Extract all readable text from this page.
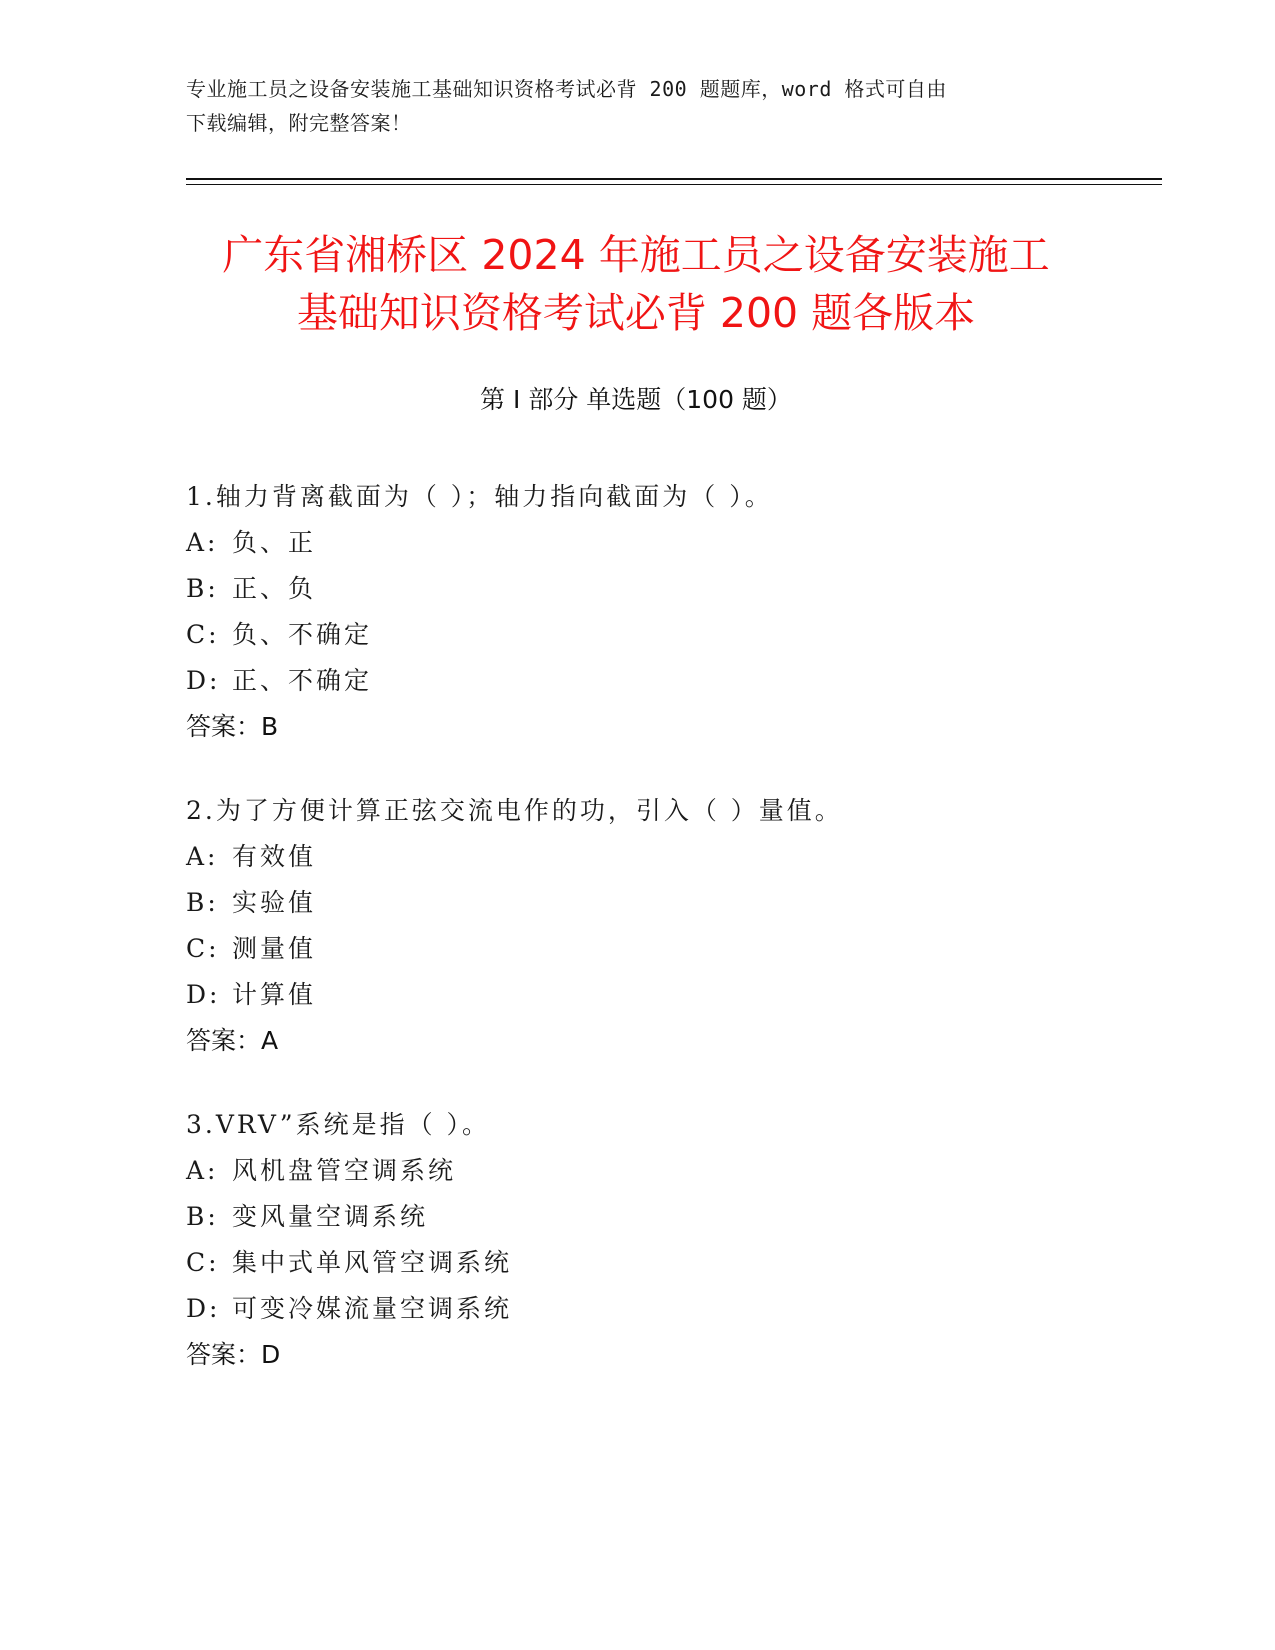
专业施工员之设备安装施工基础知识资格考试必背 200 题题库，word 格式可自由
下载编辑，附完整答案！
广东省湘桥区 2024 年施工员之设备安装施工
基础知识资格考试必背 200 题各版本
第 I 部分 单选题（100 题）
1.轴力背离截面为（ ）；轴力指向截面为（ ）。
A: 负、正
B: 正、负
C: 负、不确定
D: 正、不确定
答案：B
2.为了方便计算正弦交流电作的功，引入（ ）量值。
A: 有效值
B: 实验值
C: 测量值
D: 计算值
答案：A
3.VRV”系统是指（ ）。
A: 风机盘管空调系统
B: 变风量空调系统
C: 集中式单风管空调系统
D: 可变冷媒流量空调系统
答案：D
